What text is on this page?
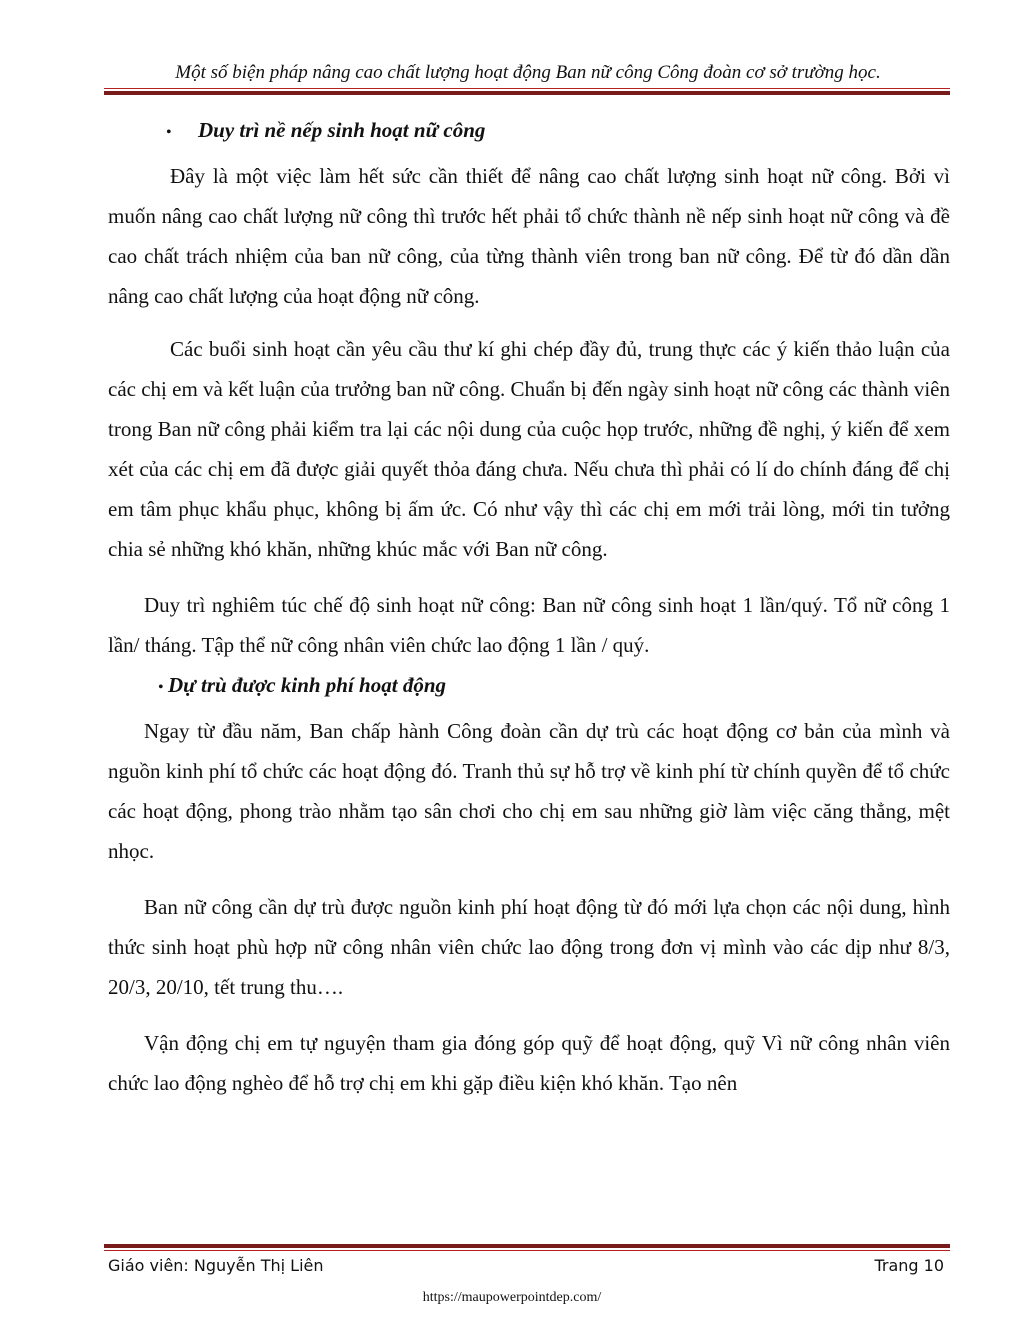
Một số biện pháp nâng cao chất lượng hoạt động Ban nữ công Công đoàn cơ sở trường học.
•	Duy trì nề nếp sinh hoạt nữ công

Đây là một việc làm hết sức cần thiết để nâng cao chất lượng sinh hoạt nữ công. Bởi vì muốn nâng cao chất lượng nữ công thì trước hết phải tổ chức thành nề nếp sinh hoạt nữ công và đề cao chất trách nhiệm của ban nữ công, của từng thành viên trong ban nữ công. Để từ đó dần dần nâng cao chất lượng của hoạt động nữ công.

Các buổi sinh hoạt cần yêu cầu thư kí ghi chép đầy đủ, trung thực các ý kiến thảo luận của các chị em và kết luận của trưởng ban nữ công. Chuẩn bị đến ngày sinh hoạt nữ công các thành viên trong Ban nữ công phải kiểm tra lại các nội dung của cuộc họp trước, những đề nghị, ý kiến để xem xét của các chị em đã được giải quyết thỏa đáng chưa. Nếu chưa thì phải có lí do chính đáng để chị em tâm phục khẩu phục, không bị ấm ức. Có như vậy thì các chị em mới trải lòng, mới tin tưởng chia sẻ những khó khăn, những khúc mắc với Ban nữ công.

Duy trì nghiêm túc chế độ sinh hoạt nữ công: Ban nữ công sinh hoạt 1 lần/quý. Tổ nữ công 1 lần/ tháng. Tập thể nữ công nhân viên chức lao động 1 lần / quý.

• Dự trù được kinh phí hoạt động

Ngay từ đầu năm, Ban chấp hành Công đoàn cần dự trù các hoạt động cơ bản của mình và nguồn kinh phí tổ chức các hoạt động đó. Tranh thủ sự hỗ trợ về kinh phí từ chính quyền để tổ chức các hoạt động, phong trào nhằm tạo sân chơi cho chị em sau những giờ làm việc căng thẳng, mệt nhọc.

Ban nữ công cần dự trù được nguồn kinh phí hoạt động từ đó mới lựa chọn các nội dung, hình thức sinh hoạt phù hợp nữ công nhân viên chức lao động trong đơn vị mình vào các dịp như 8/3, 20/3, 20/10, tết trung thu….

Vận động chị em tự nguyện tham gia đóng góp quỹ để hoạt động, quỹ Vì nữ công nhân viên chức lao động nghèo để hỗ trợ chị em khi gặp điều kiện khó khăn. Tạo nên

Giáo viên: Nguyễn Thị Liên	Trang 10
https://maupowerpointdep.com/
